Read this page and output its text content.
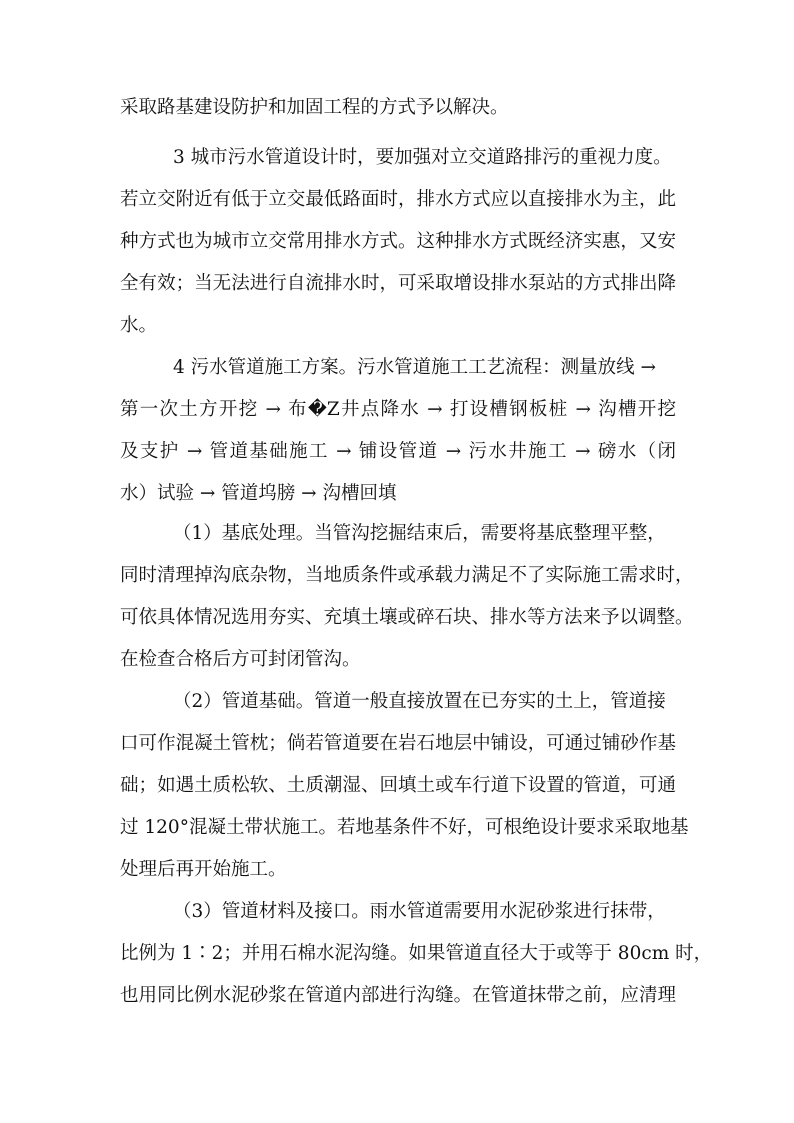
采取路基建设防护和加固工程的方式予以解决。
3 城市污水管道设计时，要加强对立交道路排污的重视力度。
若立交附近有低于立交最低路面时，排水方式应以直接排水为主，此
种方式也为城市立交常用排水方式。这种排水方式既经济实惠，又安
全有效；当无法进行自流排水时，可采取增设排水泵站的方式排出降
水。
4 污水管道施工方案。污水管道施工工艺流程：测量放线 →
第一次土方开挖 → 布�Z井点降水 → 打设槽钢板桩 → 沟槽开挖
及支护 → 管道基础施工 → 铺设管道 → 污水井施工 → 磅水（闭
水）试验 → 管道坞膀 → 沟槽回填
（1）基底处理。当管沟挖掘结束后，需要将基底整理平整，
同时清理掉沟底杂物，当地质条件或承载力满足不了实际施工需求时，
可依具体情况选用夯实、充填土壤或碎石块、排水等方法来予以调整。
在检查合格后方可封闭管沟。
（2）管道基础。管道一般直接放置在已夯实的土上，管道接
口可作混凝土管枕；倘若管道要在岩石地层中铺设，可通过铺砂作基
础；如遇土质松软、土质潮湿、回填土或车行道下设置的管道，可通
过 120°混凝土带状施工。若地基条件不好，可根绝设计要求采取地基
处理后再开始施工。
（3）管道材料及接口。雨水管道需要用水泥砂浆进行抹带，
比例为 1∶2；并用石棉水泥沟缝。如果管道直径大于或等于 80cm 时，
也用同比例水泥砂浆在管道内部进行沟缝。在管道抹带之前，应清理
